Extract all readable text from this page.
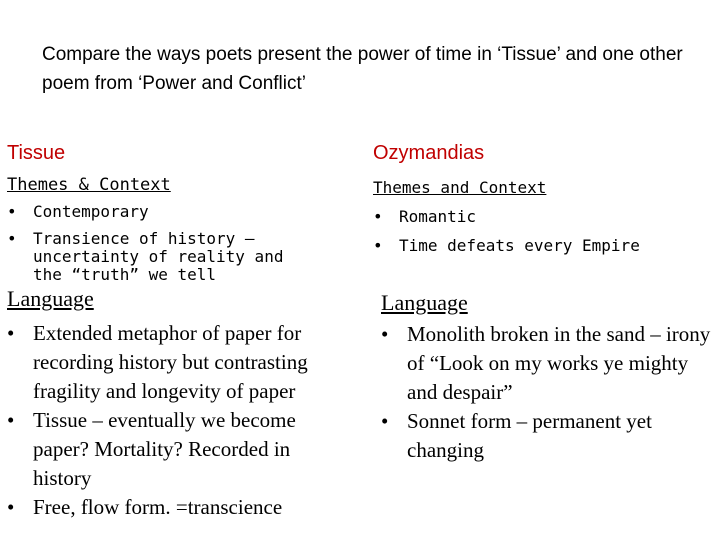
Compare the ways poets present the power of time in ‘Tissue’ and one other poem from ‘Power and Conflict’
Tissue
Themes & Context
• Contemporary
• Transience of history – uncertainty of reality and the “truth” we tell
Language
• Extended metaphor of paper for recording history but contrasting fragility and longevity of paper
• Tissue – eventually we become paper? Mortality? Recorded in history
• Free, flow form. =transcience
Ozymandias
Themes and Context
• Romantic
• Time defeats every Empire
Language
• Monolith broken in the sand – irony of “Look on my works ye mighty and despair”
• Sonnet form – permanent yet changing
